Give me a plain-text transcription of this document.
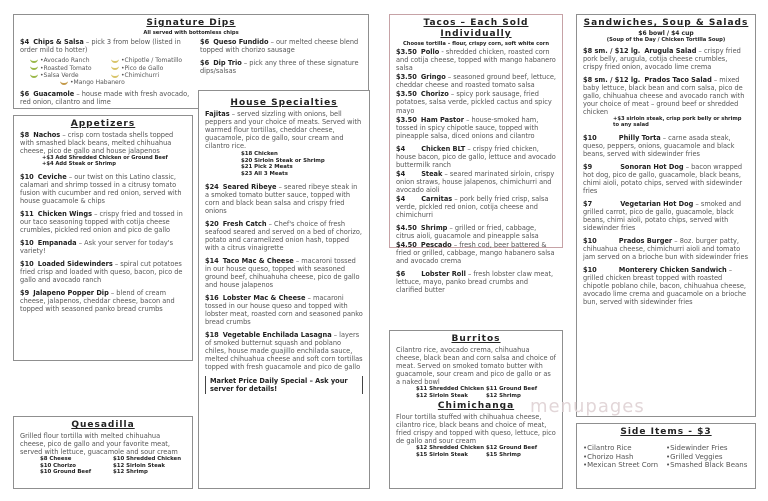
Signature Dips
All served with bottomless chips
$4 Chips & Salsa – pick 3 from below (listed in order mild to hotter)
•Avocado Ranch	•Chipotle / Tomatillo
•Roasted Tomato	•Pico de Gallo
•Salsa Verde	•Chimichurri
•Mango Habanero
$6 Guacamole – house made with fresh avocado, red onion, cilantro and lime
$6 Queso Fundido – our melted cheese blend topped with chorizo sausage
$6 Dip Trio – pick any three of these signature dips/salsas
Appetizers
$8 Nachos – crisp corn tostada shells topped with smashed black beans, melted chihuahua cheese, pico de gallo and house jalapenos
+$3 Add Shredded Chicken or Ground Beef
+$4 Add Steak or Shrimp
$10 Ceviche – our twist on this Latino classic, calamari and shrimp tossed in a citrusy tomato fusion with cucumber and red onion, served with house guacamole & chips
$11 Chicken Wings – crispy fried and tossed in our taco seasoning topped with cotija cheese crumbles, pickled red onion and pico de gallo
$10 Empanada – Ask your server for today's variety!
$10 Loaded Sidewinders – spiral cut potatoes fried crisp and loaded with queso, bacon, pico de gallo and avocado ranch
$9 Jalapeno Popper Dip – blend of cream cheese, jalapenos, cheddar cheese, bacon and topped with seasoned panko bread crumbs
Quesadilla
Grilled flour tortilla with melted chihuahua cheese, pico de gallo and your favorite meat, served with lettuce, guacamole and sour cream
$8 Cheese	$10 Shredded Chicken
$10 Chorizo	$12 Sirloin Steak
$10 Ground Beef	$12 Shrimp
House Specialties
Fajitas – served sizzling with onions, bell peppers and your choice of meats. Served with warmed flour tortillas, cheddar cheese, guacamole, pico de gallo, sour cream and cilantro rice.
$18 Chicken
$20 Sirloin Steak or Shrimp
$21 Pick 2 Meats
$23 All 3 Meats
$24 Seared Ribeye – seared ribeye steak in a smoked tomato butter sauce, topped with corn and black bean salsa and crispy fried onions
$20 Fresh Catch – Chef's choice of fresh seafood seared and served on a bed of chorizo, potato and caramelized onion hash, topped with a citrus vinaigrette
$14 Taco Mac & Cheese – macaroni tossed in our house queso, topped with seasoned ground beef, chihuahuha cheese, pico de gallo and house jalapenos
$16 Lobster Mac & Cheese – macaroni tossed in our house queso and topped with lobster meat, roasted corn and seasoned panko bread crumbs
$18 Vegetable Enchilada Lasagna – layers of smoked butternut squash and poblano chiles, house made guajillo enchilada sauce, melted chihuahua cheese and soft corn tortillas topped with fresh guacamole and pico de gallo
Market Price Daily Special – Ask your server for details!
Tacos – Each Sold Individually
Choose tortilla – flour, crispy corn, soft white corn
$3.50 Pollo - shredded chicken, roasted corn and cotija cheese, topped with mango habanero salsa
$3.50 Gringo – seasoned ground beef, lettuce, cheddar cheese and roasted tomato salsa
$3.50 Chorizo – spicy pork sausage, fried potatoes, salsa verde, pickled cactus and spicy mayo
$3.50 Ham Pastor – house-smoked ham, tossed in spicy chipotle sauce, topped with pineapple salsa, diced onions and cilantro
$4 Chicken BLT – crispy fried chicken, house bacon, pico de gallo, lettuce and avocado buttermilk ranch
$4 Steak – seared marinated sirloin, crispy onion straws, house jalapenos, chimichurri and avocado aioli
$4 Carnitas – pork belly fried crisp, salsa verde, pickled red onion, cotija cheese and chimichurri
$4.50 Shrimp – grilled or fried, cabbage, citrus aioli, guacamole and pineapple salsa
$4.50 Pescado – fresh cod, beer battered & fried or grilled, cabbage, mango habanero salsa and avocado crema
$6 Lobster Roll – fresh lobster claw meat, lettuce, mayo, panko bread crumbs and clarified butter
Burritos
Cilantro rice, avocado crema, chihuahua cheese, black bean and corn salsa and choice of meat. Served on smoked tomato butter with guacamole, sour cream and pico de gallo or as a naked bowl
$11 Shredded Chicken $11 Ground Beef
$12 Sirloin Steak	$12 Shrimp
Chimichanga
Flour tortilla stuffed with chihuahua cheese, cilantro rice, black beans and choice of meat, fried crispy and topped with queso, lettuce, pico de gallo and sour cream
$12 Shredded Chicken $12 Ground Beef
$15 Sirloin Steak	$15 Shrimp
Sandwiches, Soup & Salads
$6 bowl / $4 cup
(Soup of the Day / Chicken Tortilla Soup)
$8 sm. / $12 lg. Arugula Salad – crispy fried pork belly, arugula, cotija cheese crumbles, crispy fried onion, avocado lime crema
$8 sm. / $12 lg. Prados Taco Salad – mixed baby lettuce, black bean and corn salsa, pico de gallo, chihuahua cheese and avocado ranch with your choice of meat – ground beef or shredded chicken
+$3 sirloin steak, crisp pork belly or shrimp to any salad
$10	Philly Torta – carne asada steak, queso, peppers, onions, guacamole and black beans, served with sidewinder fries
$9	Sonoran Hot Dog – bacon wrapped hot dog, pico de gallo, guacamole, black beans, chimi aioli, potato chips, served with sidewinder fries
$7	Vegetarian Hot Dog – smoked and grilled carrot, pico de gallo, guacamole, black beans, chimi aioli, potato chips, served with sidewinder fries
$10	Prados Burger – 8oz. burger patty, chihuahua cheese, chimichurri aioli and tomato jam served on a brioche bun with sidewinder fries
$10	Monterery Chicken Sandwich – grilled chicken breast topped with roasted chipotle poblano chile, bacon, chihuahua cheese, avocado lime crema and guacamole on a brioche bun, served with sidewinder fries
Side Items - $3
•Cilantro Rice	•Sidewinder Fries
•Chorizo Hash	•Grilled Veggies
•Mexican Street Corn	•Smashed Black Beans
menupages
